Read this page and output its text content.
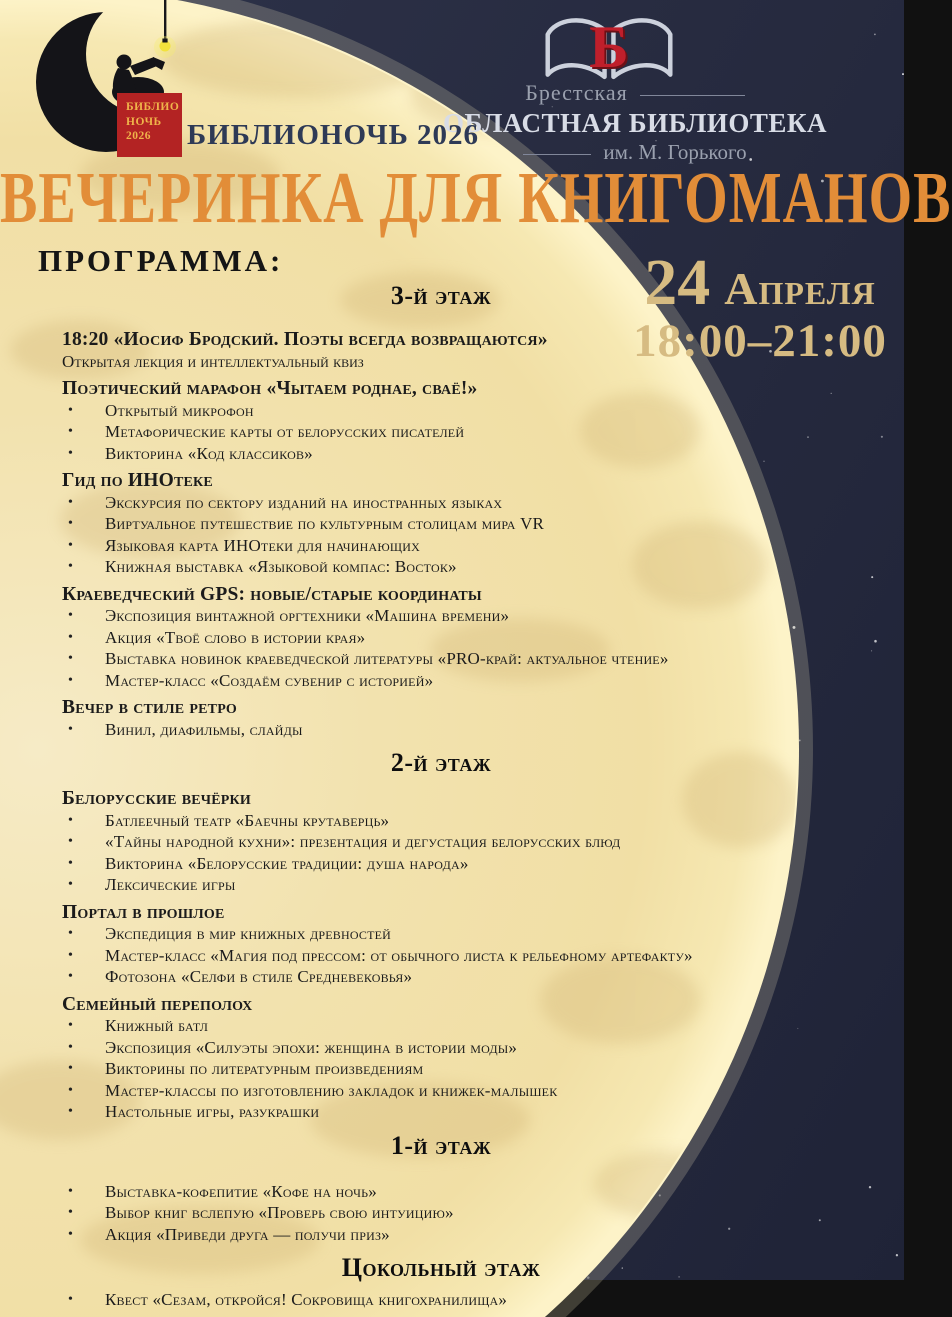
БИБЛИО
НОЧЬ
2026	БИБЛИОНОЧЬ 2026
Б
Брестская
ОБЛАСТНАЯ БИБЛИОТЕКА
им. М. Горького
ВЕЧЕРИНКА ДЛЯ КНИГОМАНОВ
ПРОГРАММА:	24 Апреля
18:00–21:00
3-й этаж
18:20 «Иосиф Бродский. Поэты всегда возвращаются»
Открытая лекция и интеллектуальный квиз
Поэтический марафон «Чытаем роднае, сваё!»
• Открытый микрофон
• Метафорические карты от белорусских писателей
• Викторина «Код классиков»
Гид по ИНОтеке
• Экскурсия по сектору изданий на иностранных языках
• Виртуальное путешествие по культурным столицам мира VR
• Языковая карта ИНОтеки для начинающих
• Книжная выставка «Языковой компас: Восток»
Краеведческий GPS: новые/старые координаты
• Экспозиция винтажной оргтехники «Машина времени»
• Акция «Твоё слово в истории края»
• Выставка новинок краеведческой литературы «PRO-край: актуальное чтение»
• Мастер-класс «Создаём сувенир с историей»
Вечер в стиле ретро
• Винил, диафильмы, слайды
2-й этаж
Белорусские вечёрки
• Батлеечный театр «Баечны крутаверць»
• «Тайны народной кухни»: презентация и дегустация белорусских блюд
• Викторина «Белорусские традиции: душа народа»
• Лексические игры
Портал в прошлое
• Экспедиция в мир книжных древностей
• Мастер-класс «Магия под прессом: от обычного листа к рельефному артефакту»
• Фотозона «Селфи в стиле Средневековья»
Семейный переполох
• Книжный батл
• Экспозиция «Силуэты эпохи: женщина в истории моды»
• Викторины по литературным произведениям
• Мастер-классы по изготовлению закладок и книжек-малышек
• Настольные игры, разукрашки
1-й этаж
• Выставка-кофепитие «Кофе на ночь»
• Выбор книг вслепую «Проверь свою интуицию»
• Акция «Приведи друга — получи приз»
Цокольный этаж
• Квест «Сезам, откройся! Сокровища книгохранилища»
